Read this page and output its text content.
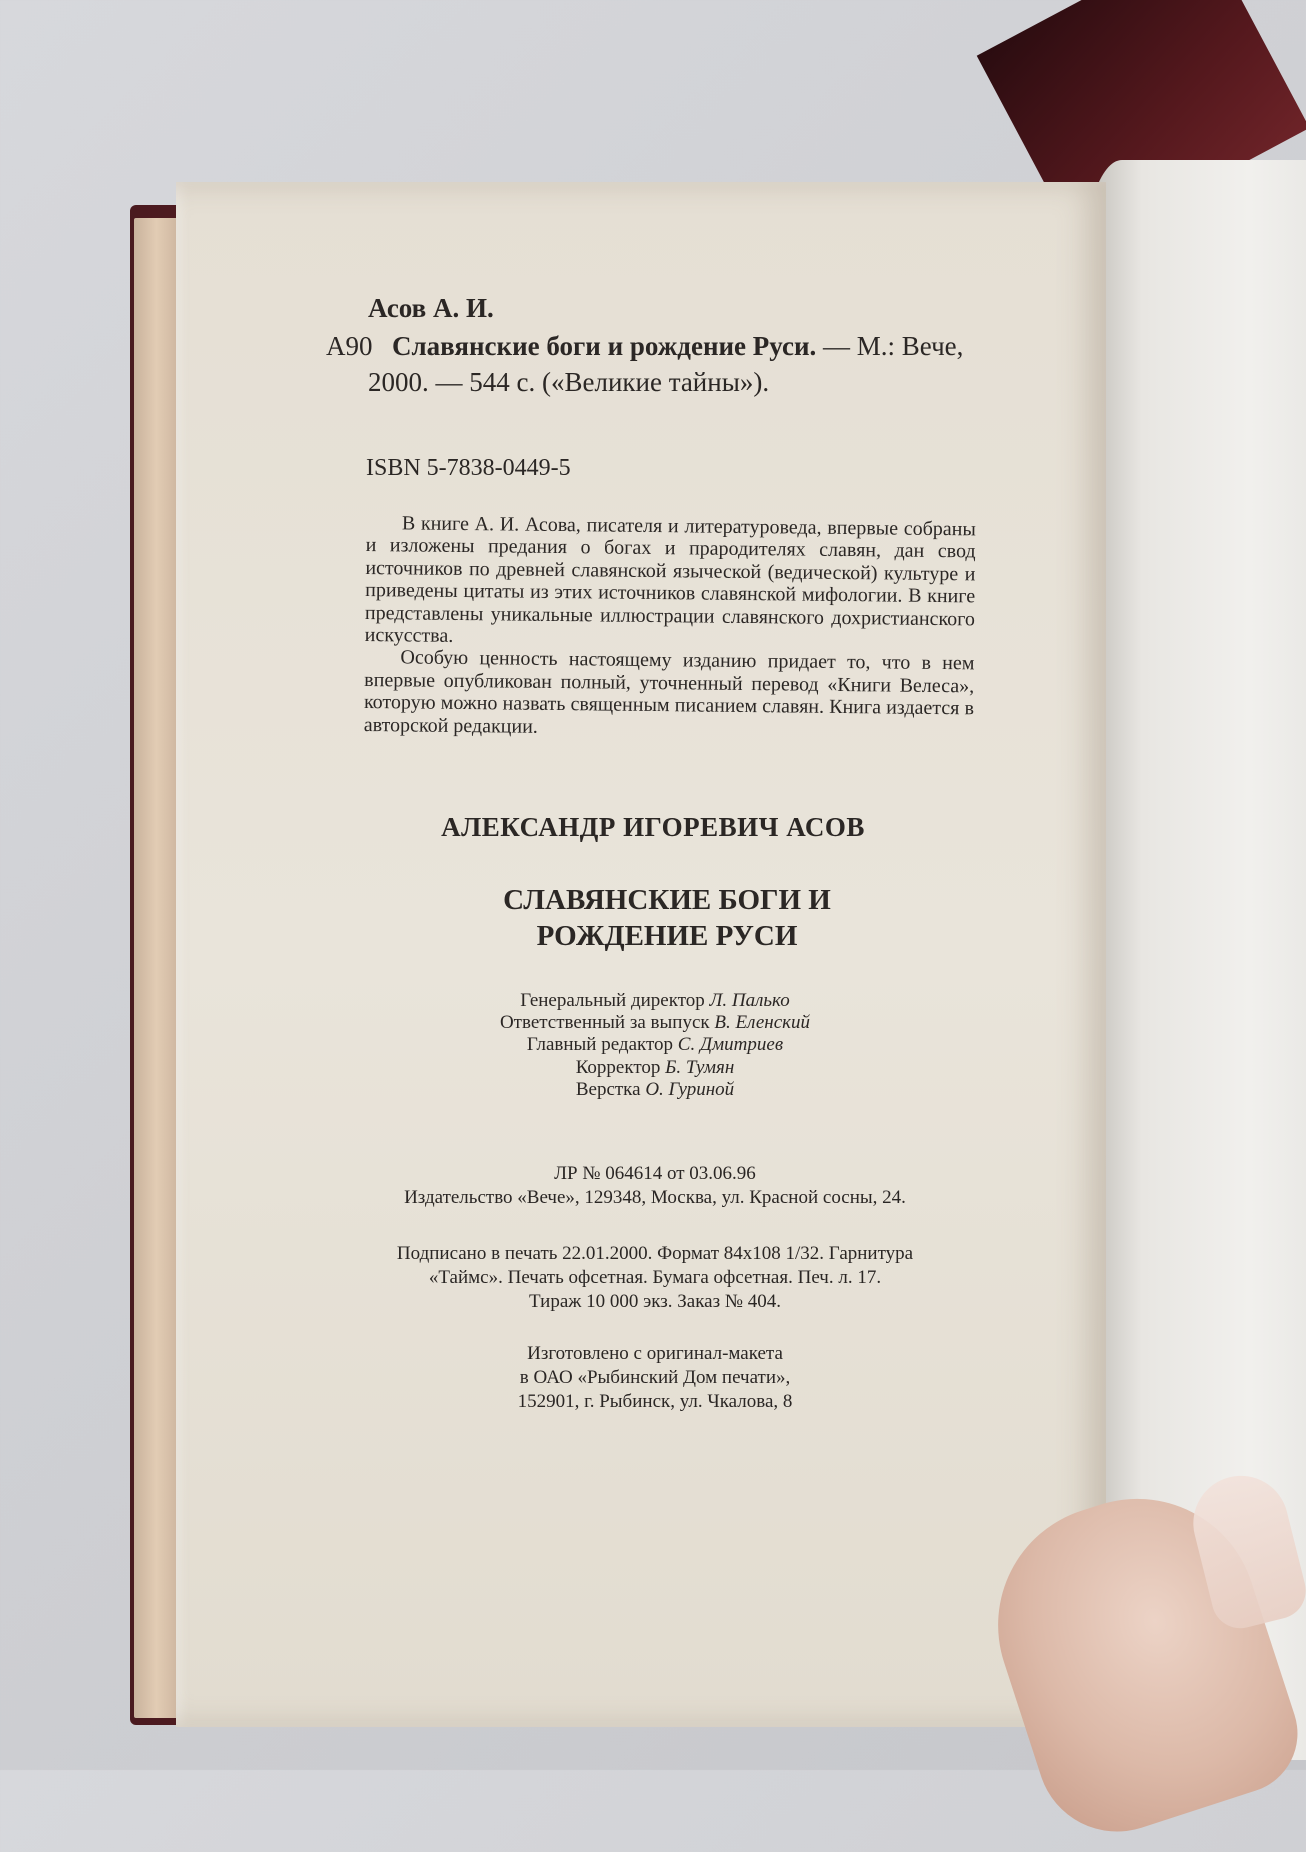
Асов А. И.
А90 Славянские боги и рождение Руси. — М.: Вече,
2000. — 544 с. («Великие тайны»).
ISBN 5-7838-0449-5

В книге А. И. Асова, писателя и литературоведа, впервые собраны и изложены предания о богах и прародителях славян, дан свод источников по древней славянской языческой (ведической) культуре и приведены цитаты из этих источников славянской мифологии. В книге представлены уникальные иллюстрации славянского дохристианского искусства.

Особую ценность настоящему изданию придает то, что в нем впервые опубликован полный, уточненный перевод «Книги Велеса», которую можно назвать священным писанием славян. Книга издается в авторской редакции.

АЛЕКСАНДР ИГОРЕВИЧ АСОВ
СЛАВЯНСКИЕ БОГИ И
РОЖДЕНИЕ РУСИ
Генеральный директор Л. Палько
Ответственный за выпуск В. Еленский
Главный редактор С. Дмитриев
Корректор Б. Тумян
Верстка О. Гуриной
ЛР № 064614 от 03.06.96
Издательство «Вече», 129348, Москва, ул. Красной сосны, 24.
Подписано в печать 22.01.2000. Формат 84x108 1/32. Гарнитура
«Таймс». Печать офсетная. Бумага офсетная. Печ. л. 17.
Тираж 10 000 экз. Заказ № 404.
Изготовлено с оригинал-макета
в ОАО «Рыбинский Дом печати»,
152901, г. Рыбинск, ул. Чкалова, 8
